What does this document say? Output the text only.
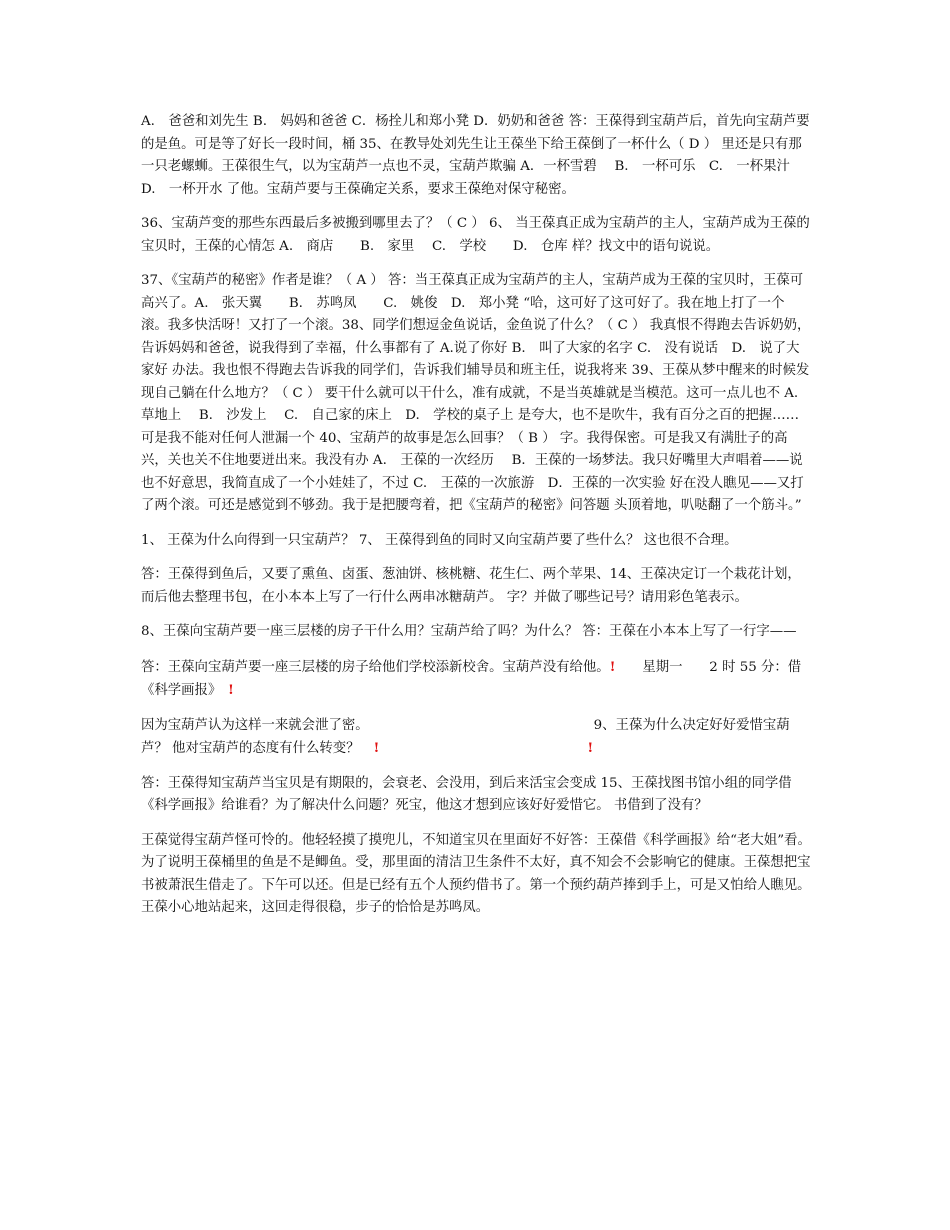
A.　爸爸和刘先生 B.　妈妈和爸爸 C．杨拴儿和郑小凳 D．奶奶和爸爸 答：王葆得到宝葫芦后，首先向宝葫芦要的是鱼。可是等了好长一段时间，桶 35、在教导处刘先生让王葆坐下给王葆倒了一杯什么（ D ） 里还是只有那一只老螺蛳。王葆很生气，以为宝葫芦一点也不灵，宝葫芦欺骗 A．一杯雪碧　 B.　一杯可乐　C.　一杯果汁　　D.　一杯开水 了他。宝葫芦要与王葆确定关系，要求王葆绝对保守秘密。

36、宝葫芦变的那些东西最后多被搬到哪里去了？（ C ） 6、 当王葆真正成为宝葫芦的主人，宝葫芦成为王葆的宝贝时，王葆的心情怎 A.　商店　　B.　家里　 C.　学校　　D.　仓库 样？找文中的语句说说。

37、《宝葫芦的秘密》作者是谁？（ A ） 答：当王葆真正成为宝葫芦的主人，宝葫芦成为王葆的宝贝时，王葆可高兴了。A.　张天翼　　B.　苏鸣凤　　C.　姚俊　D.　郑小凳 “哈，这可好了这可好了。我在地上打了一个滚。我多快活呀！又打了一个滚。38、同学们想逗金鱼说话，金鱼说了什么？（ C ） 我真恨不得跑去告诉奶奶，告诉妈妈和爸爸，说我得到了幸福，什么事都有了 A.说了你好 B.　叫了大家的名字 C.　没有说话　D.　说了大家好 办法。我也恨不得跑去告诉我的同学们，告诉我们辅导员和班主任，说我将来 39、王葆从梦中醒来的时候发现自己躺在什么地方？（ C ） 要干什么就可以干什么，准有成就，不是当英雄就是当模范。这可一点儿也不 A.　草地上　 B.　沙发上　 C.　自己家的床上　D.　学校的桌子上 是夸大，也不是吹牛，我有百分之百的把握……可是我不能对任何人泄漏一个 40、宝葫芦的故事是怎么回事？（ B ） 字。我得保密。可是我又有满肚子的高兴，关也关不住地要迸出来。我没有办 A.　王葆的一次经历　 B．王葆的一场梦法。我只好嘴里大声唱着——说也不好意思，我简直成了一个小娃娃了，不过 C.　王葆的一次旅游　D．王葆的一次实验 好在没人瞧见——又打了两个滚。可还是感觉到不够劲。我于是把腰弯着，把《宝葫芦的秘密》问答题 头顶着地，叭哒翻了一个筋斗。”

1、 王葆为什么向得到一只宝葫芦？ 7、 王葆得到鱼的同时又向宝葫芦要了些什么？ 这也很不合理。

答：王葆得到鱼后，又要了熏鱼、卤蛋、葱油饼、核桃糖、花生仁、两个苹果、14、王葆决定订一个栽花计划，而后他去整理书包，在小本本上写了一行什么两串冰糖葫芦。 字？并做了哪些记号？请用彩色笔表示。

8、王葆向宝葫芦要一座三层楼的房子干什么用？宝葫芦给了吗？为什么？ 答：王葆在小本本上写了一行字——

答：王葆向宝葫芦要一座三层楼的房子给他们学校添新校舍。宝葫芦没有给他。!　　星期一　　2 时 55 分：借《科学画报》　!

因为宝葫芦认为这样一来就会泄了密。	9、王葆为什么决定好好爱惜宝葫芦？ 他对宝葫芦的态度有什么转变？ !	!

答：王葆得知宝葫芦当宝贝是有期限的，会衰老、会没用，到后来活宝会变成 15、王葆找图书馆小组的同学借《科学画报》给谁看？为了解决什么问题？死宝，他这才想到应该好好爱惜它。 书借到了没有？

王葆觉得宝葫芦怪可怜的。他轻轻摸了摸兜儿，不知道宝贝在里面好不好答：王葆借《科学画报》给“老大姐”看。为了说明王葆桶里的鱼是不是鲫鱼。受，那里面的清洁卫生条件不太好，真不知会不会影响它的健康。王葆想把宝书被萧泯生借走了。下午可以还。但是已经有五个人预约借书了。第一个预约葫芦捧到手上，可是又怕给人瞧见。王葆小心地站起来，这回走得很稳，步子的恰恰是苏鸣凤。
